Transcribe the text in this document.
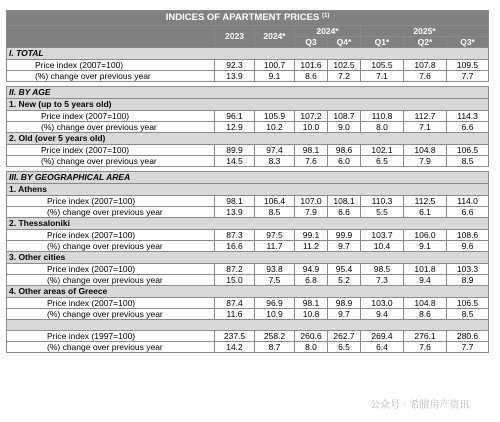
INDICES OF APARTMENT PRICES $^{(1)}$
	2023	2024*	2024*		2025*		
			Q3	Q4*	Q1*	Q2*	Q3*
I. TOTAL							
Price index (2007=100)	92.3	100.7	101.6	102.5	105.5	107.8	109.5
(%) change over previous year	13.9	9.1	8.6	7.2	7.1	7.6	7.7

II. BY AGE							
1. New (up to 5 years old)							
Price index (2007=100)	96.1	105.9	107.2	108.7	110.8	112.7	114.3
(%) change over previous year	12.9	10.2	10.0	9.0	8.0	7.1	6.6
2. Old (over 5 years old)							
Price index (2007=100)	89.9	97.4	98.1	98.6	102.1	104.8	106.5
(%) change over previous year	14.5	8.3	7.6	6.0	6.5	7.9	8.5

III. BY GEOGRAPHICAL AREA							
1. Athens							
Price index (2007=100)	98.1	106.4	107.0	108.1	110.3	112.5	114.0
(%) change over previous year	13.9	8.5	7.9	6.6	5.5	6.1	6.6
2. Thessaloniki							
Price index (2007=100)	87.3	97.5	99.1	99.9	103.7	106.0	108.6
(%) change over previous year	16.6	11.7	11.2	9.7	10.4	9.1	9.6
3. Other cities							
Price index (2007=100)	87.2	93.8	94.9	95.4	98.5	101.8	103.3
(%) change over previous year	15.0	7.5	6.8	5.2	7.3	9.4	8.9
4. Other areas of Greece							
Price index (2007=100)	87.4	96.9	98.1	98.9	103.0	104.8	106.5
(%) change over previous year	11.6	10.9	10.8	9.7	9.4	8.6	8.5

Price index (1997=100)	237.5	258.2	260.6	262.7	269.4	276.1	280.6
(%) change over previous year	14.2	8.7	8.0	6.5	6.4	7.6	7.7
公众号 · 希腊房产资讯
